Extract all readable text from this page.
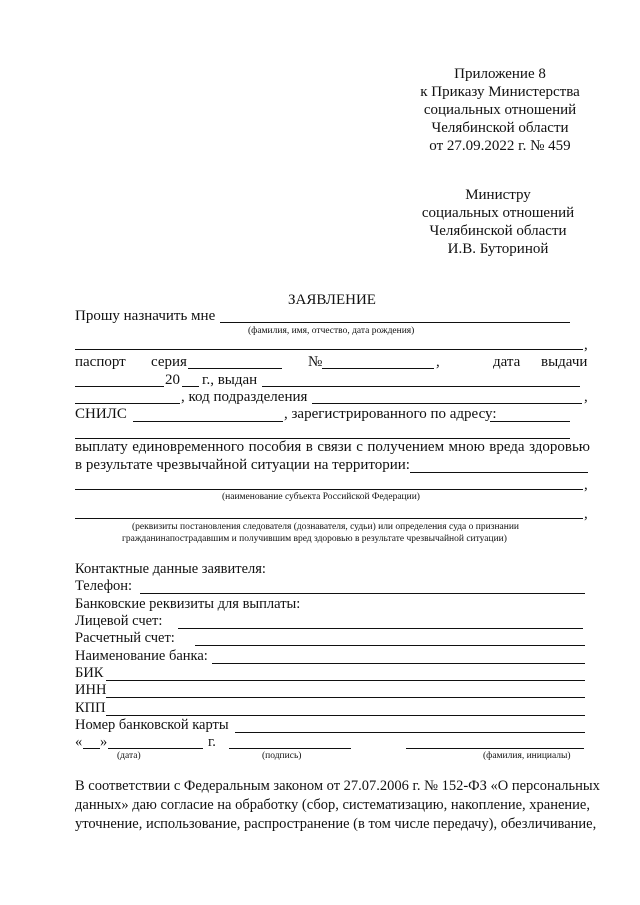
Приложение 8
к Приказу Министерства
социальных отношений
Челябинской области
от 27.09.2022 г. № 459
Министру
социальных отношений
Челябинской области
И.В. Буториной
ЗАЯВЛЕНИЕ
Прошу назначить мне
(фамилия, имя, отчество, дата рождения)
,
паспорт серия	№	,	дата выдачи
20 г., выдан
, код подразделения	,
СНИЛС	, зарегистрированного по адресу:
выплату единовременного пособия в связи с получением мною вреда здоровью
в результате чрезвычайной ситуации на территории:
,
(наименование субъекта Российской Федерации)
,
(реквизиты постановления следователя (дознавателя, судьи) или определения суда о признании
гражданинапострадавшим и получившим вред здоровью в результате чрезвычайной ситуации)
Контактные данные заявителя:
Телефон:
Банковские реквизиты для выплаты:
Лицевой счет:
Расчетный счет:
Наименование банка:
БИК
ИНН
КПП
Номер банковской карты
« »	г.
(дата)	(подпись)	(фамилия, инициалы)
В соответствии с Федеральным законом от 27.07.2006 г. № 152-ФЗ «О персональных
данных» даю согласие на обработку (сбор, систематизацию, накопление, хранение,
уточнение, использование, распространение (в том числе передачу), обезличивание,
